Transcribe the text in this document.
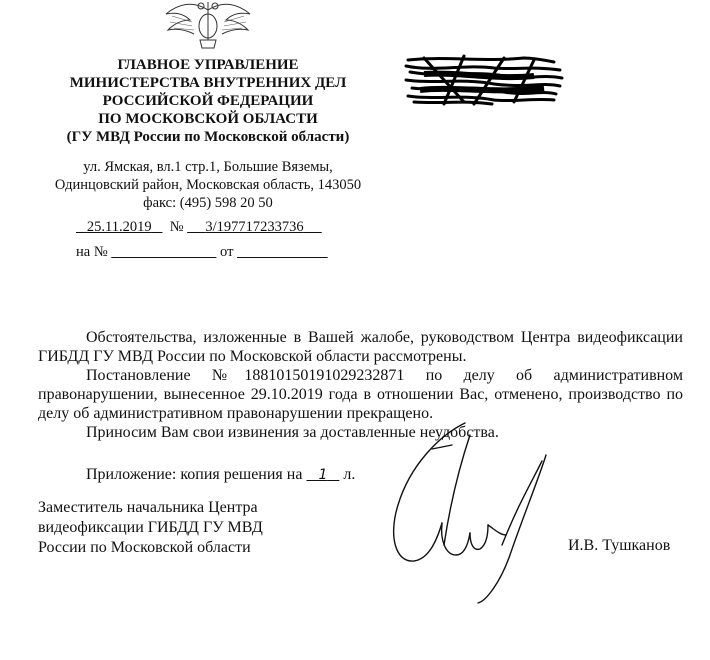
ГЛАВНОЕ УПРАВЛЕНИЕ
МИНИСТЕРСТВА ВНУТРЕННИХ ДЕЛ
РОССИЙСКОЙ ФЕДЕРАЦИИ
ПО МОСКОВСКОЙ ОБЛАСТИ
(ГУ МВД России по Московской области)
ул. Ямская, вл.1 стр.1, Большие Вяземы,
Одинцовский район, Московская область, 143050
факс: (495) 598 20 50
25.11.2019 № 3/197717233736
на №	от

Обстоятельства, изложенные в Вашей жалобе, руководством Центра видеофиксации ГИБДД ГУ МВД России по Московской области рассмотрены.

Постановление №18810150191029232871 по делу об административном правонарушении, вынесенное 29.10.2019 года в отношении Вас, отменено, производство по делу об административном правонарушении прекращено.

Приносим Вам свои извинения за доставленные неудобства.

Приложение: копия решения на 1 л.
Заместитель начальника Центра
видеофиксации ГИБДД ГУ МВД
России по Московской области	И.В. Тушканов
